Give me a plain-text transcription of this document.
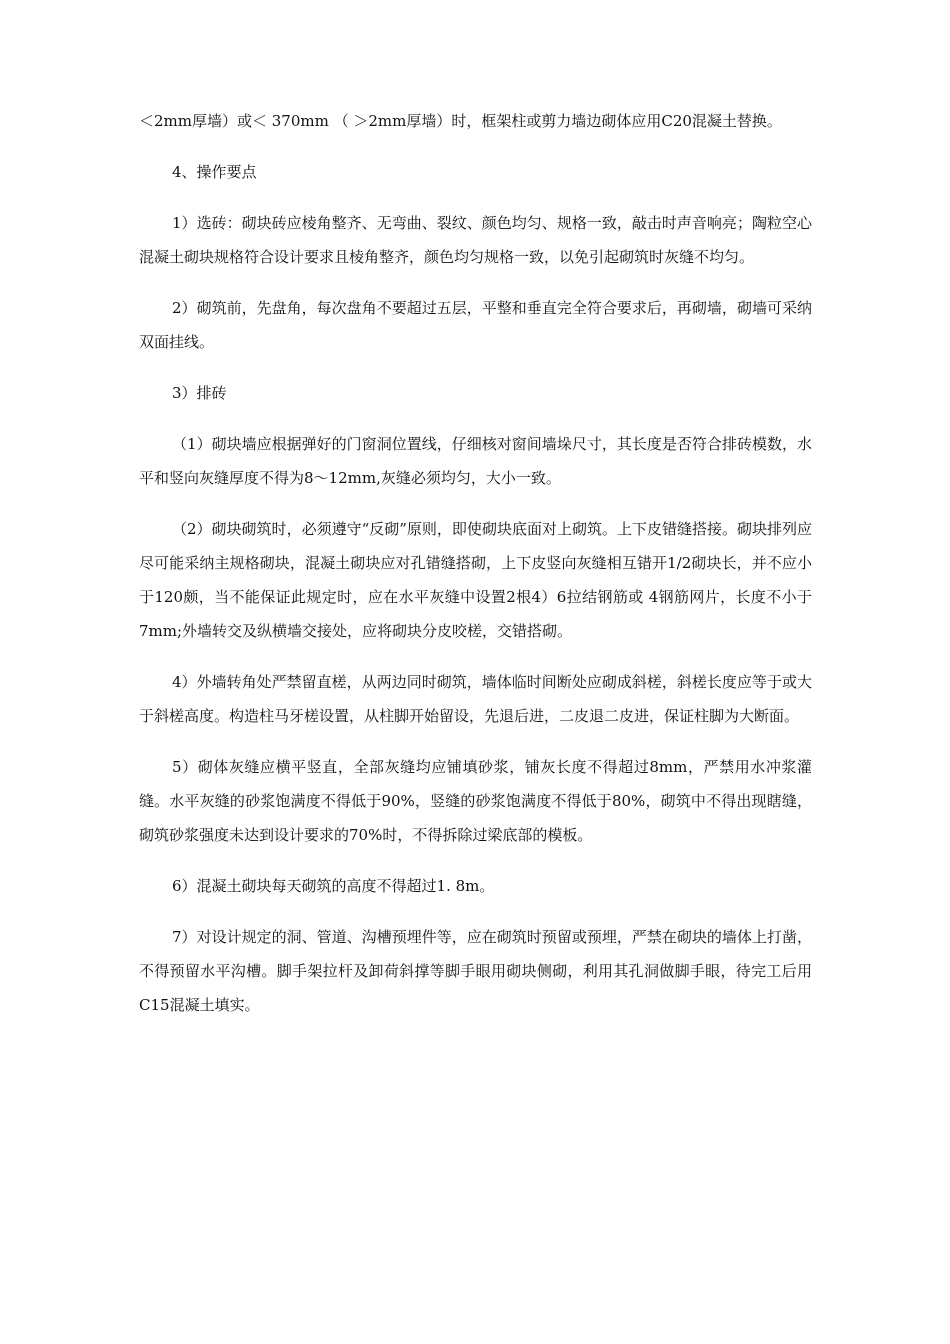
＜2mm厚墙）或＜ 370mm （ ＞2mm厚墙）时，框架柱或剪力墙边砌体应用C20混凝土替换。

4、操作要点

1）选砖：砌块砖应棱角整齐、无弯曲、裂纹、颜色均匀、规格一致，敲击时声音响亮；陶粒空心混凝土砌块规格符合设计要求且棱角整齐，颜色均匀规格一致，以免引起砌筑时灰缝不均匀。

2）砌筑前，先盘角，每次盘角不要超过五层，平整和垂直完全符合要求后，再砌墙，砌墙可采纳双面挂线。

3）排砖

（1）砌块墙应根据弹好的门窗洞位置线，仔细核对窗间墙垛尺寸，其长度是否符合排砖模数，水平和竖向灰缝厚度不得为8～12mm,灰缝必须均匀，大小一致。

（2）砌块砌筑时，必须遵守“反砌”原则，即使砌块底面对上砌筑。上下皮错缝搭接。砌块排列应尽可能采纳主规格砌块，混凝土砌块应对孔错缝搭砌，上下皮竖向灰缝相互错开1/2砌块长，并不应小于120颇，当不能保证此规定时，应在水平灰缝中设置2根4）6拉结钢筋或 4钢筋网片，长度不小于7mm;外墙转交及纵横墙交接处，应将砌块分皮咬槎，交错搭砌。

4）外墙转角处严禁留直槎，从两边同时砌筑，墙体临时间断处应砌成斜槎，斜槎长度应等于或大于斜槎高度。构造柱马牙槎设置，从柱脚开始留设，先退后进，二皮退二皮进，保证柱脚为大断面。

5）砌体灰缝应横平竖直，全部灰缝均应铺填砂浆，铺灰长度不得超过8mm，严禁用水冲浆灌缝。水平灰缝的砂浆饱满度不得低于90%，竖缝的砂浆饱满度不得低于80%，砌筑中不得出现瞎缝，砌筑砂浆强度未达到设计要求的70%时，不得拆除过梁底部的模板。

6）混凝土砌块每天砌筑的高度不得超过1. 8m。

7）对设计规定的洞、管道、沟槽预埋件等，应在砌筑时预留或预埋，严禁在砌块的墙体上打凿，不得预留水平沟槽。脚手架拉杆及卸荷斜撑等脚手眼用砌块侧砌，利用其孔洞做脚手眼，待完工后用C15混凝土填实。
